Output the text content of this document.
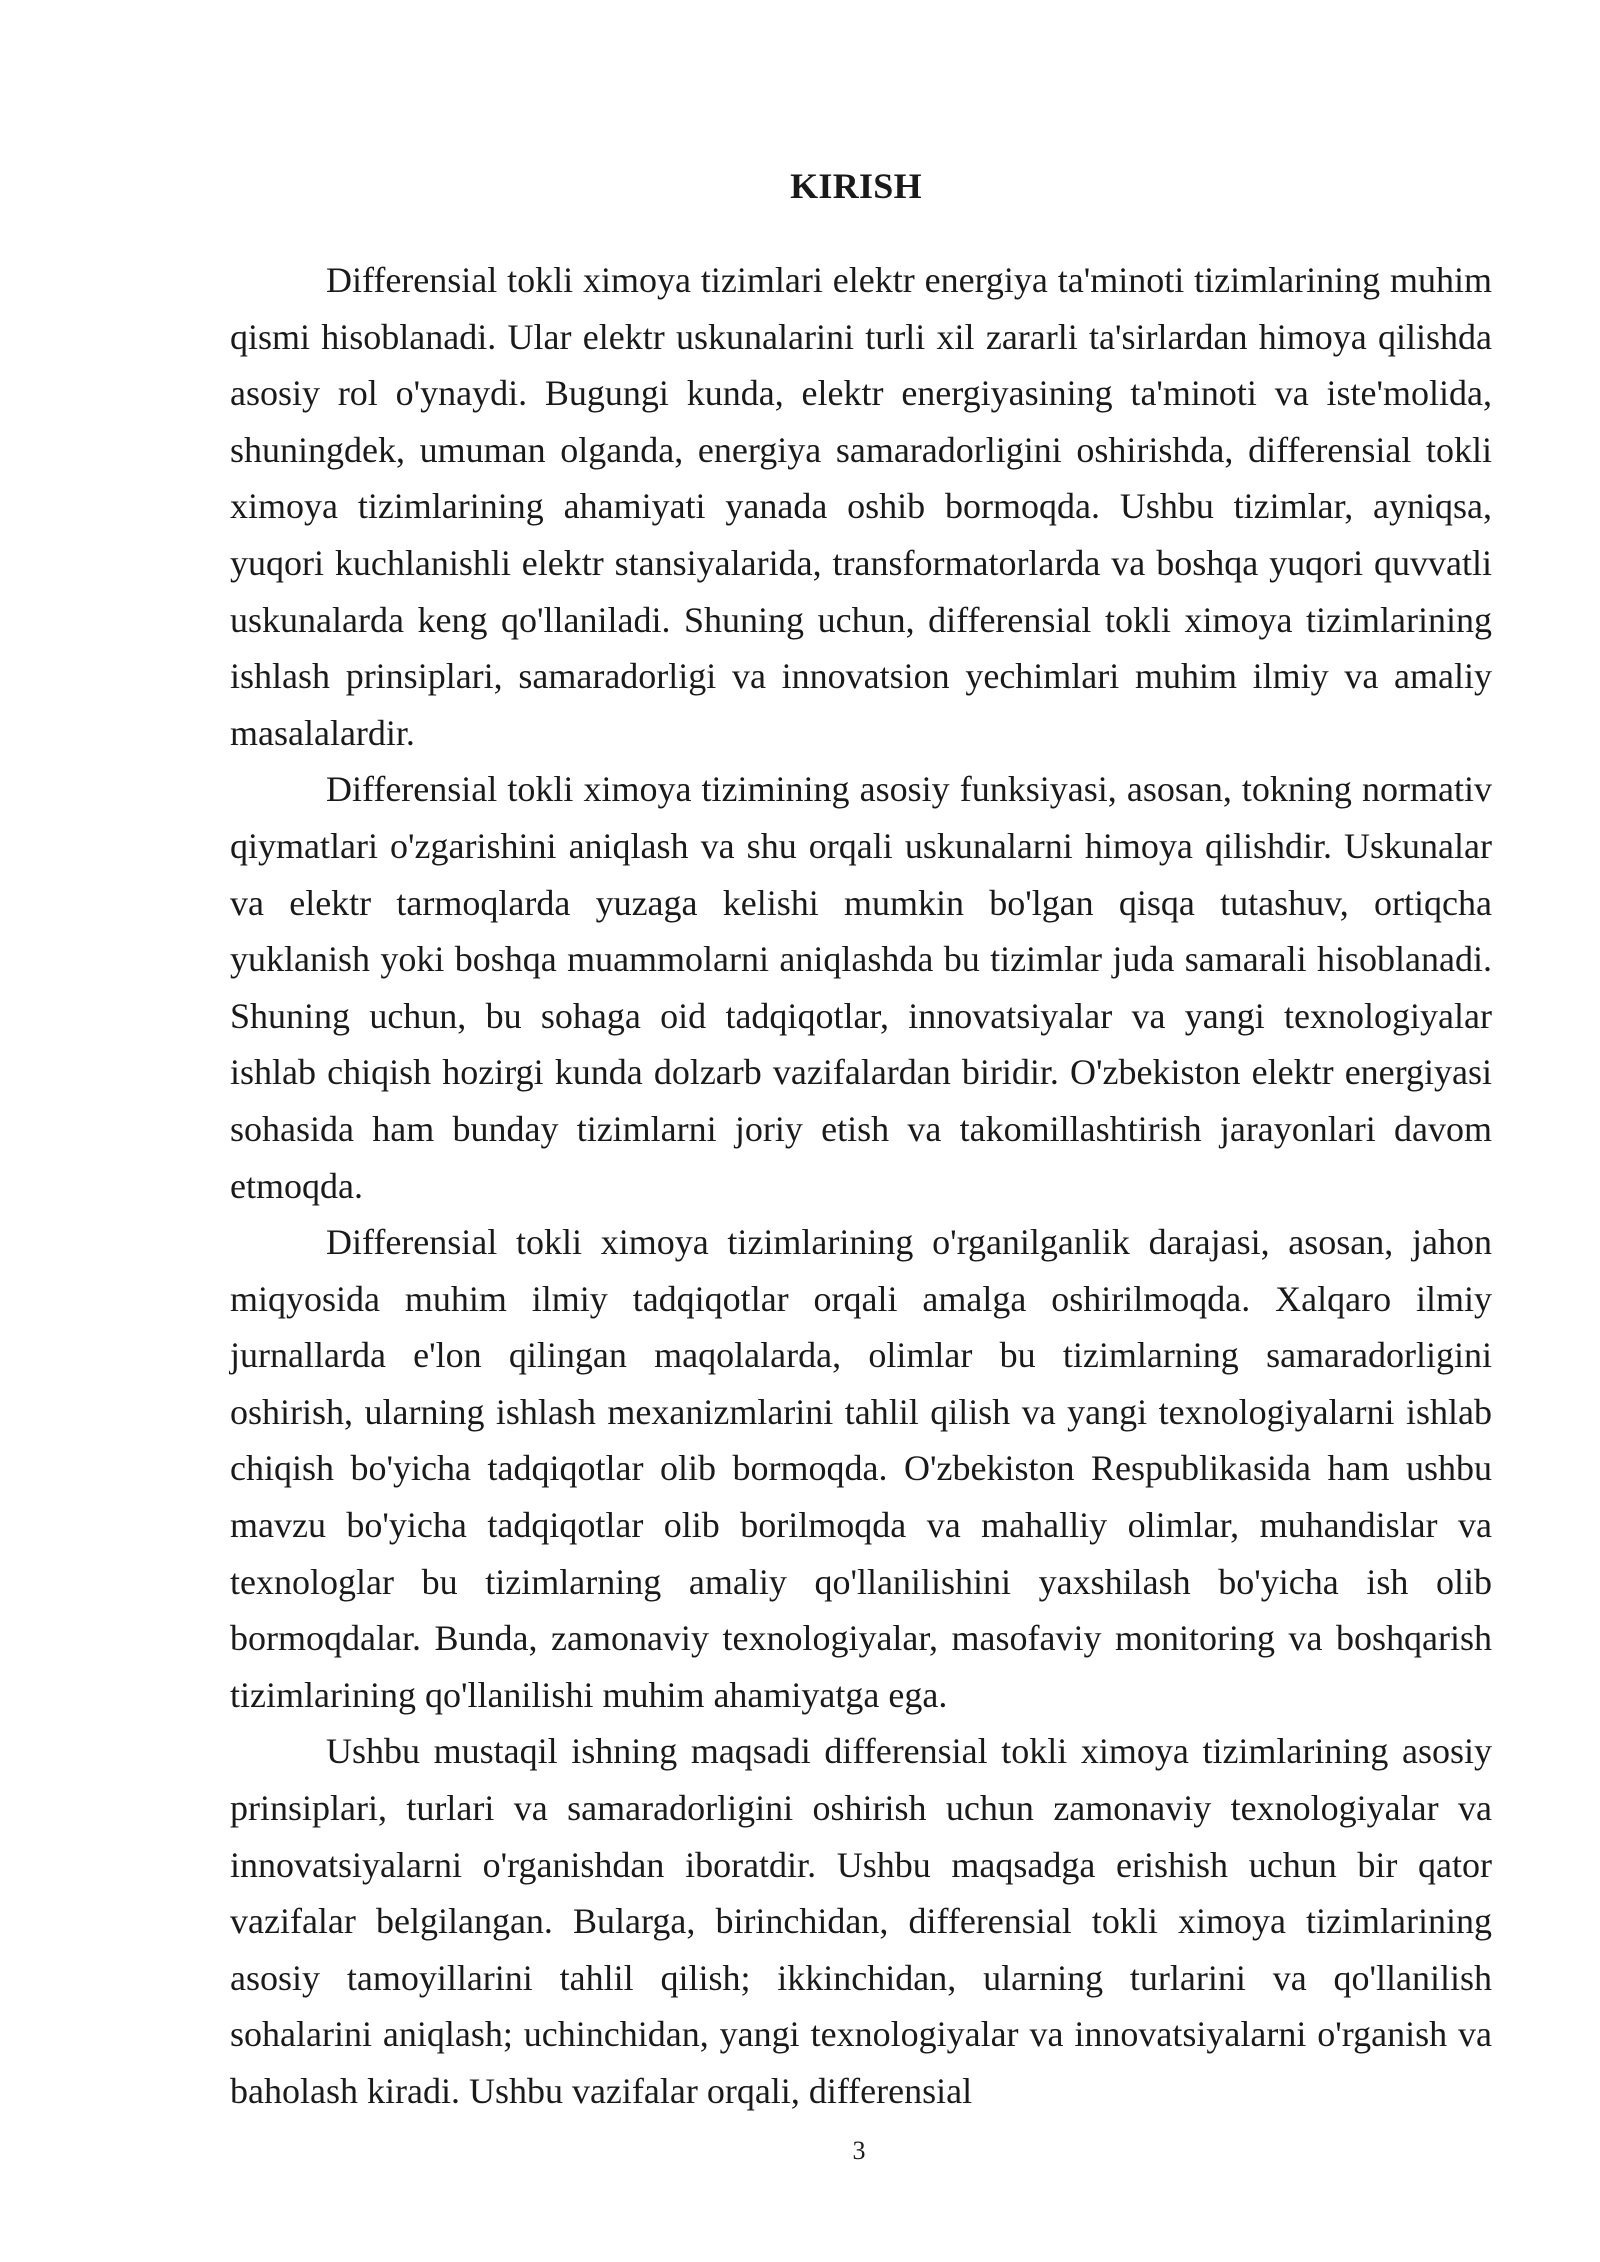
KIRISH

Differensial tokli ximoya tizimlari elektr energiya ta'minoti tizimlarining muhim qismi hisoblanadi. Ular elektr uskunalarini turli xil zararli ta'sirlardan himoya qilishda asosiy rol o'ynaydi. Bugungi kunda, elektr energiyasining ta'minoti va iste'molida, shuningdek, umuman olganda, energiya samaradorligini oshirishda, differensial tokli ximoya tizimlarining ahamiyati yanada oshib bormoqda. Ushbu tizimlar, ayniqsa, yuqori kuchlanishli elektr stansiyalarida, transformatorlarda va boshqa yuqori quvvatli uskunalarda keng qo'llaniladi. Shuning uchun, differensial tokli ximoya tizimlarining ishlash prinsiplari, samaradorligi va innovatsion yechimlari muhim ilmiy va amaliy masalalardir.

Differensial tokli ximoya tizimining asosiy funksiyasi, asosan, tokning normativ qiymatlari o'zgarishini aniqlash va shu orqali uskunalarni himoya qilishdir. Uskunalar va elektr tarmoqlarda yuzaga kelishi mumkin bo'lgan qisqa tutashuv, ortiqcha yuklanish yoki boshqa muammolarni aniqlashda bu tizimlar juda samarali hisoblanadi. Shuning uchun, bu sohaga oid tadqiqotlar, innovatsiyalar va yangi texnologiyalar ishlab chiqish hozirgi kunda dolzarb vazifalardan biridir. O'zbekiston elektr energiyasi sohasida ham bunday tizimlarni joriy etish va takomillashtirish jarayonlari davom etmoqda.

Differensial tokli ximoya tizimlarining o'rganilganlik darajasi, asosan, jahon miqyosida muhim ilmiy tadqiqotlar orqali amalga oshirilmoqda. Xalqaro ilmiy jurnallarda e'lon qilingan maqolalarda, olimlar bu tizimlarning samaradorligini oshirish, ularning ishlash mexanizmlarini tahlil qilish va yangi texnologiyalarni ishlab chiqish bo'yicha tadqiqotlar olib bormoqda. O'zbekiston Respublikasida ham ushbu mavzu bo'yicha tadqiqotlar olib borilmoqda va mahalliy olimlar, muhandislar va texnologlar bu tizimlarning amaliy qo'llanilishini yaxshilash bo'yicha ish olib bormoqdalar. Bunda, zamonaviy texnologiyalar, masofaviy monitoring va boshqarish tizimlarining qo'llanilishi muhim ahamiyatga ega.

Ushbu mustaqil ishning maqsadi differensial tokli ximoya tizimlarining asosiy prinsiplari, turlari va samaradorligini oshirish uchun zamonaviy texnologiyalar va innovatsiyalarni o'rganishdan iboratdir. Ushbu maqsadga erishish uchun bir qator vazifalar belgilangan. Bularga, birinchidan, differensial tokli ximoya tizimlarining asosiy tamoyillarini tahlil qilish; ikkinchidan, ularning turlarini va qo'llanilish sohalarini aniqlash; uchinchidan, yangi texnologiyalar va innovatsiyalarni o'rganish va baholash kiradi. Ushbu vazifalar orqali, differensial

3
